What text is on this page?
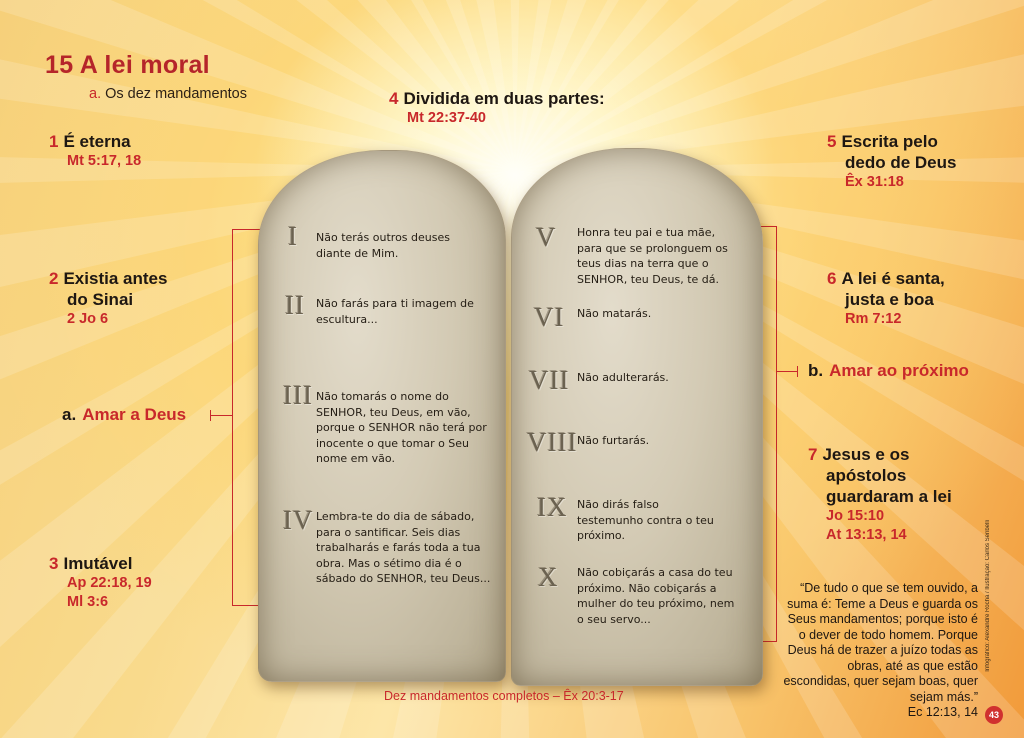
15 A lei moral
a. Os dez mandamentos	4 Dividida em duas partes:
Mt 22:37-40
1 É eterna
Mt 5:17, 18
2 Existia antes
do Sinai
2 Jo 6
a. Amar a Deus
3 Imutável
Ap 22:18, 19
Ml 3:6
5 Escrita pelo
dedo de Deus
Êx 31:18
6 A lei é santa,
justa e boa
Rm 7:12
b. Amar ao próximo
7 Jesus e os
apóstolos
guardaram a lei
Jo 15:10
At 13:13, 14
I Não terás outros deuses diante de Mim.
II Não farás para ti imagem de escultura...
III Não tomarás o nome do SENHOR, teu Deus, em vão, porque o SENHOR não terá por inocente o que tomar o Seu nome em vão.
IV Lembra-te do dia de sábado, para o santificar. Seis dias trabalharás e farás toda a tua obra. Mas o sétimo dia é o sábado do SENHOR, teu Deus...
V Honra teu pai e tua mãe, para que se prolonguem os teus dias na terra que o SENHOR, teu Deus, te dá.
VI Não matarás.
VII Não adulterarás.
VIII Não furtarás.
IX Não dirás falso testemunho contra o teu próximo.
X Não cobiçarás a casa do teu próximo. Não cobiçarás a mulher do teu próximo, nem o seu servo...
“De tudo o que se tem ouvido, a suma é: Teme a Deus e guarda os Seus mandamentos; porque isto é o dever de todo homem. Porque Deus há de trazer a juízo todas as obras, até as que estão escondidas, quer sejam boas, quer sejam más.”
Ec 12:13, 14
Dez mandamentos completos – Êx 20:3-17
43
Infográfico: Alexandre Rocha / Ilustração: Carlos Seribelli
